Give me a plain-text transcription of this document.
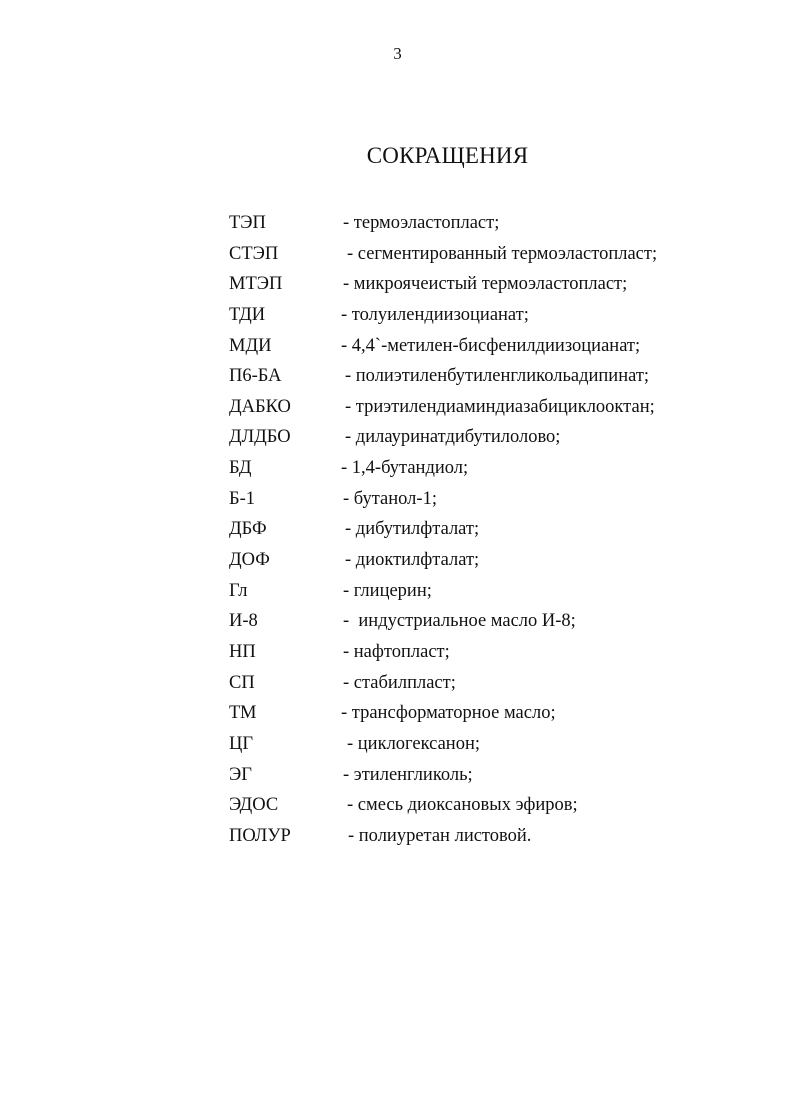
3
СОКРАЩЕНИЯ
ТЭП	- термоэластопласт;
СТЭП	- сегментированный термоэластопласт;
МТЭП	- микроячеистый термоэластопласт;
ТДИ	- толуилендиизоцианат;
МДИ	- 4,4`-метилен-бисфенилдиизоцианат;
П6-БА	- полиэтиленбутиленгликольадипинат;
ДАБКО	- триэтилендиаминдиазабициклооктан;
ДЛДБО	- дилауринатдибутилолово;
БД	- 1,4-бутандиол;
Б-1	- бутанол-1;
ДБФ	- дибутилфталат;
ДОФ	- диоктилфталат;
Гл	- глицерин;
И-8	-  индустриальное масло И-8;
НП	- нафтопласт;
СП	- стабилпласт;
ТМ	- трансформаторное масло;
ЦГ	- циклогексанон;
ЭГ	- этиленгликоль;
ЭДОС	- смесь диоксановых эфиров;
ПОЛУР	- полиуретан листовой.
